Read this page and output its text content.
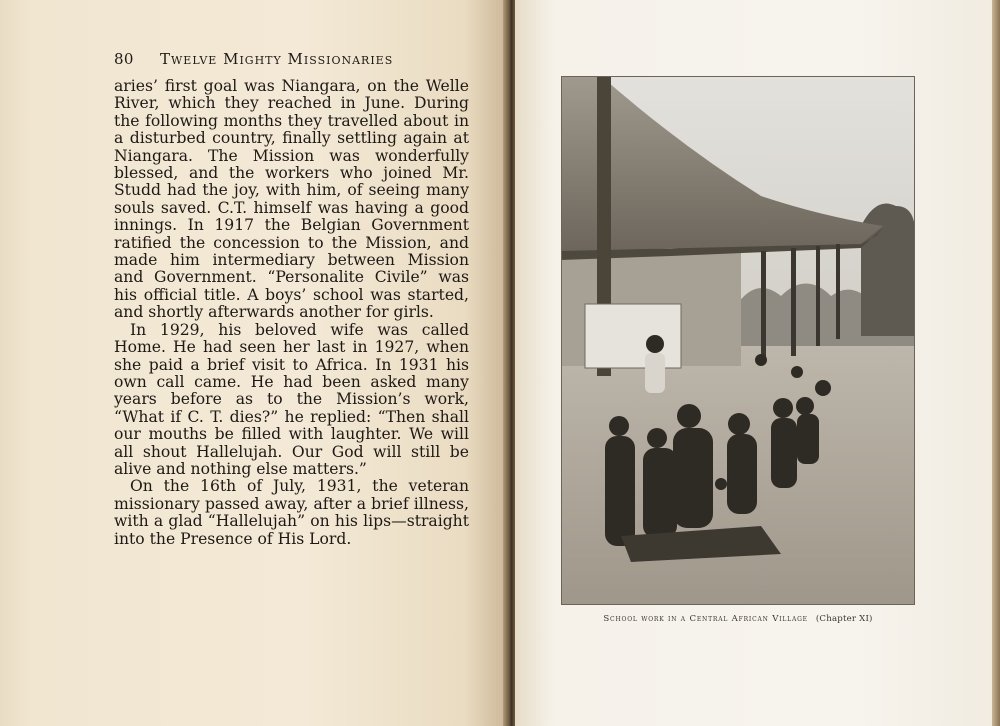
80 Twelve Mighty Missionaries

aries’ first goal was Niangara, on the Welle River, which they reached in June. During the following months they travelled about in a disturbed country, finally settling again at Niangara. The Mission was wonderfully blessed, and the workers who joined Mr. Studd had the joy, with him, of seeing many souls saved. C.T. himself was having a good innings. In 1917 the Belgian Government ratified the concession to the Mission, and made him intermediary between Mission and Government. “Personalite Civile” was his official title. A boys’ school was started, and shortly afterwards another for girls.

In 1929, his beloved wife was called Home. He had seen her last in 1927, when she paid a brief visit to Africa. In 1931 his own call came. He had been asked many years before as to the Mission’s work, “What if C. T. dies?” he replied: “Then shall our mouths be filled with laughter. We will all shout Hallelujah. Our God will still be alive and nothing else matters.”

On the 16th of July, 1931, the veteran missionary passed away, after a brief illness, with a glad “Hallelujah” on his lips—straight into the Presence of His Lord.

School work in a Central African Village (Chapter XI)
